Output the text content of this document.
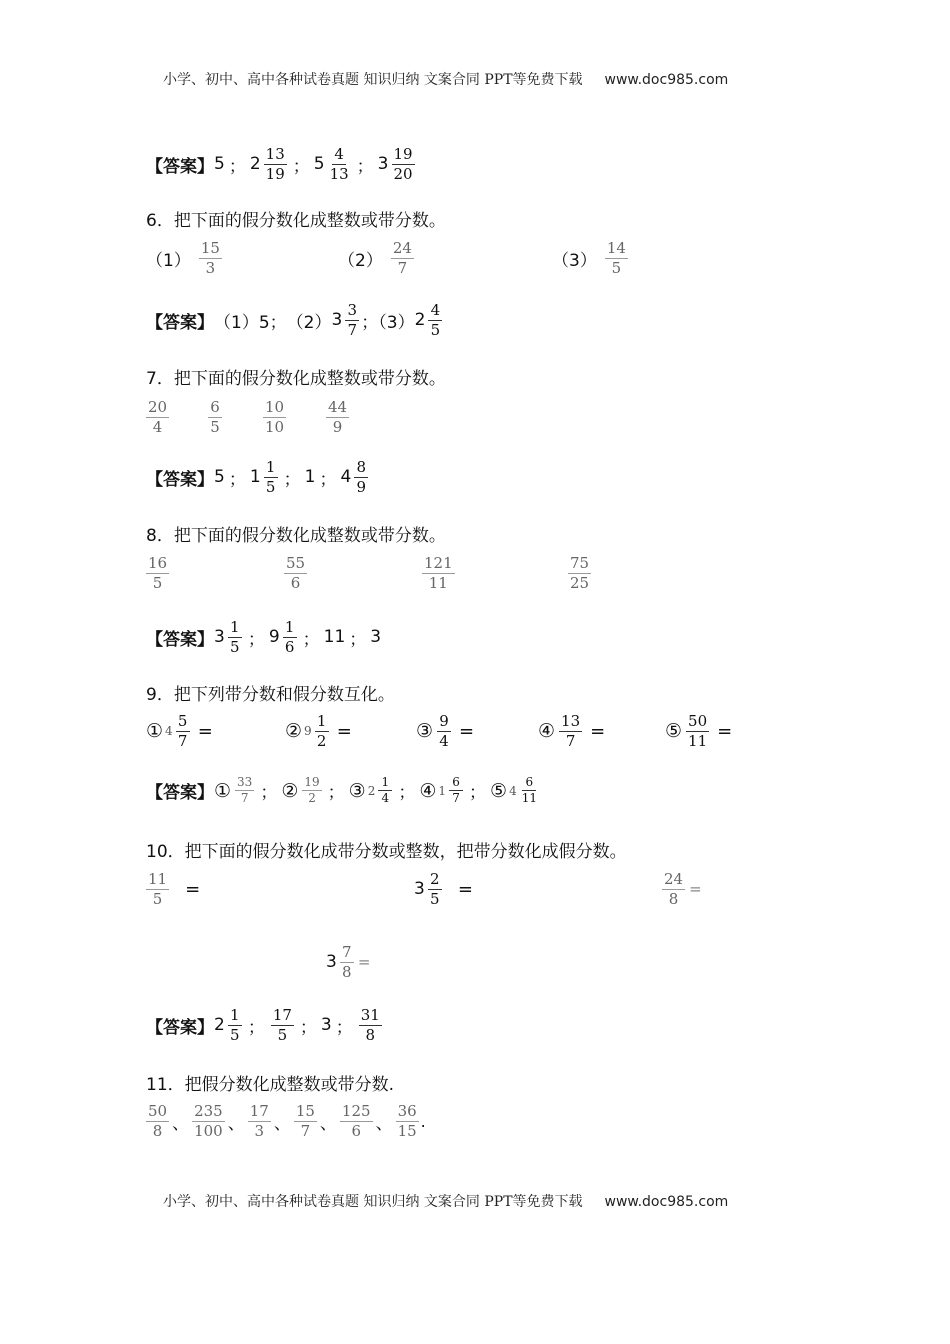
小学、初中、高中各种试卷真题 知识归纳 文案合同 PPT等免费下载 www.doc985.com
【答案】 5 ； $2 \frac{13}{19}$ ； $5 \frac{4}{13}$ ； $3 \frac{19}{20}$
6．把下面的假分数化成整数或带分数。
$(1) \frac{15}{3}$	$(2) \frac{24}{7}$	$(3) \frac{14}{5}$
【答案】 （1）5； （2） $3 \frac{3}{7}$ ；（3） $2 \frac{4}{5}$
7．把下面的假分数化成整数或带分数。
$\frac{20}{4}$	$\frac{6}{5}$	$\frac{10}{10}$	$\frac{44}{9}$
【答案】 5 ； $1 \frac{1}{5}$ ； 1 ； $4 \frac{8}{9}$
8．把下面的假分数化成整数或带分数。
$\frac{16}{5}$	$\frac{55}{6}$	$\frac{121}{11}$	$\frac{75}{25}$
【答案】 $3 \frac{1}{5}$ ； $9 \frac{1}{6}$ ； 11 ； 3
9．把下列带分数和假分数互化。
① $4 \frac{5}{7}$ =	② $9 \frac{1}{2}$ =	③ $\frac{9}{4}$ =	④ $\frac{13}{7}$ =	⑤ $\frac{50}{11}$ =
【答案】 ① $\frac{33}{7}$ ； ② $\frac{19}{2}$ ； ③ $2 \frac{1}{4}$ ； ④ $1 \frac{6}{7}$ ； ⑤ $4 \frac{6}{11}$
10．把下面的假分数化成带分数或整数，把带分数化成假分数。
$\frac{11}{5}$ =	$3 \frac{2}{5}$ =	$\frac{24}{8}$ =
$3 \frac{7}{8}$ =
【答案】 $2 \frac{1}{5}$ ； $\frac{17}{5}$ ； 3 ； $\frac{31}{8}$
11．把假分数化成整数或带分数.
$\frac{50}{8}$ 、 $\frac{235}{100}$ 、 $\frac{17}{3}$ 、 $\frac{15}{7}$ 、 $\frac{125}{6}$ 、 $\frac{36}{15}$ .
小学、初中、高中各种试卷真题 知识归纳 文案合同 PPT等免费下载 www.doc985.com
